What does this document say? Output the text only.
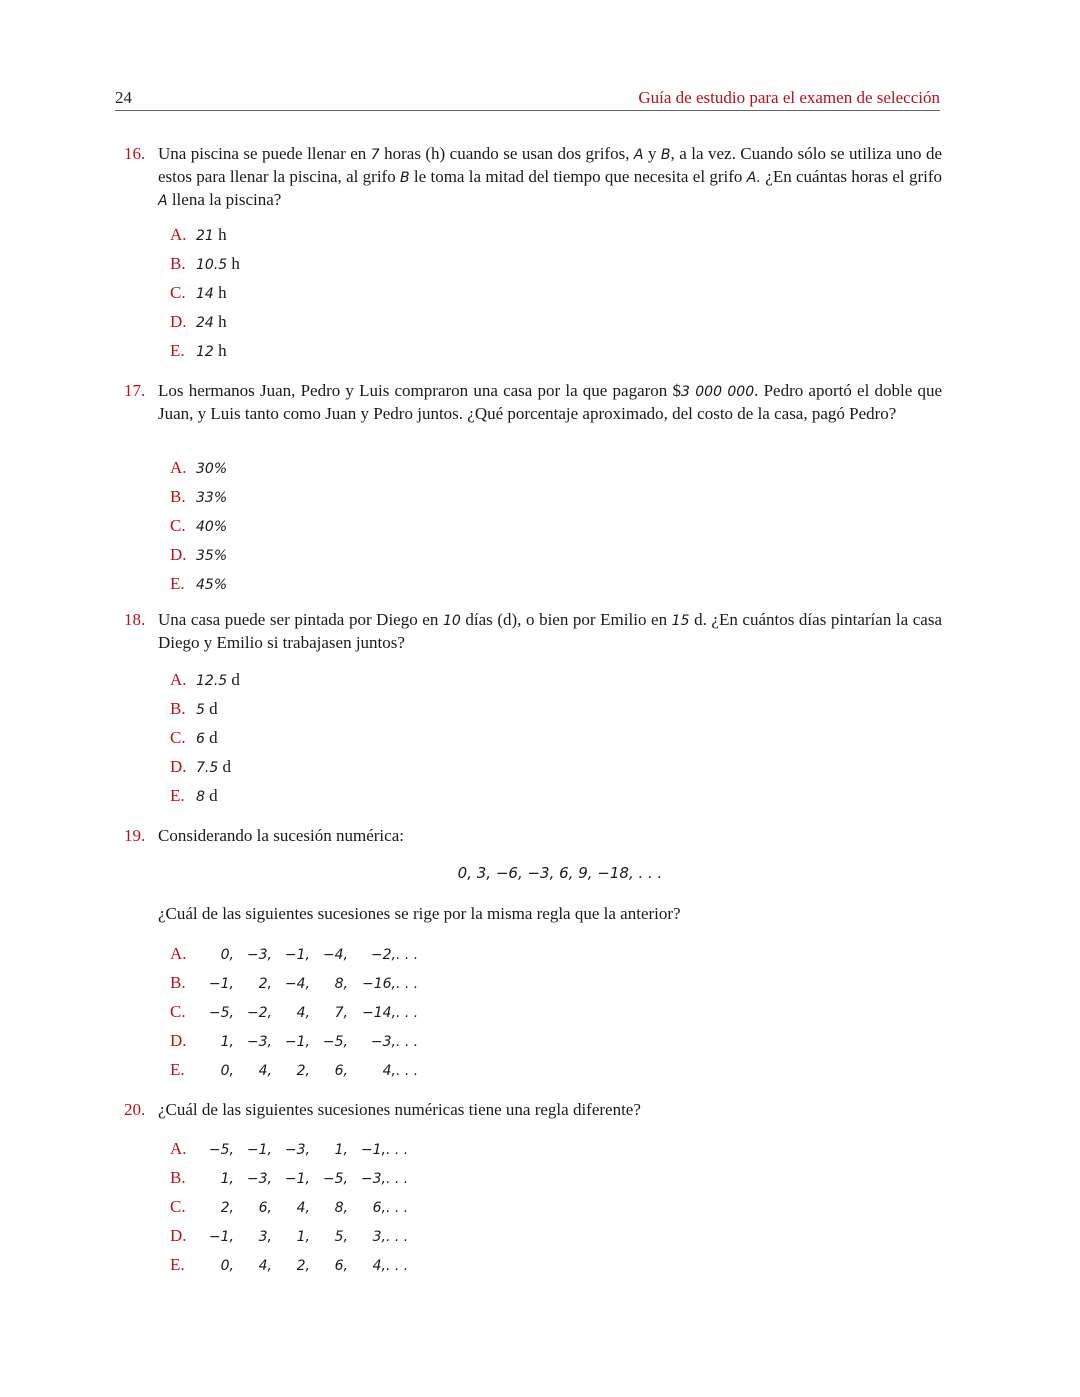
24	Guía de estudio para el examen de selección
16. Una piscina se puede llenar en 7 horas (h) cuando se usan dos grifos, A y B, a la vez. Cuando sólo se utiliza uno de estos para llenar la piscina, al grifo B le toma la mitad del tiempo que necesita el grifo A. ¿En cuántas horas el grifo A llena la piscina?
A. 21 h
B. 10.5 h
C. 14 h
D. 24 h
E. 12 h
17. Los hermanos Juan, Pedro y Luis compraron una casa por la que pagaron $3 000 000. Pedro aportó el doble que Juan, y Luis tanto como Juan y Pedro juntos. ¿Qué porcentaje aproximado, del costo de la casa, pagó Pedro?
A. 30%
B. 33%
C. 40%
D. 35%
E. 45%
18. Una casa puede ser pintada por Diego en 10 días (d), o bien por Emilio en 15 d. ¿En cuántos días pintarían la casa Diego y Emilio si trabajasen juntos?
A. 12.5 d
B. 5 d
C. 6 d
D. 7.5 d
E. 8 d
19. Considerando la sucesión numérica:
0, 3, −6, −3, 6, 9, −18, . . .
¿Cuál de las siguientes sucesiones se rige por la misma regla que la anterior?
A. 0, −3, −1, −4, −2,. . .
B. −1, 2, −4, 8, −16,. . .
C. −5, −2, 4, 7, −14,. . .
D. 1, −3, −1, −5, −3,. . .
E.	0, 4, 2, 6, 4,. . .
20. ¿Cuál de las siguientes sucesiones numéricas tiene una regla diferente?
A. −5, −1, −3, 1, −1,. . .
B.	1, −3, −1, −5, −3,. . .
C.	2, 6, 4, 8, 6,. . .
D. −1, 3, 1, 5, 3,. . .
E.	0, 4, 2, 6, 4,. . .
